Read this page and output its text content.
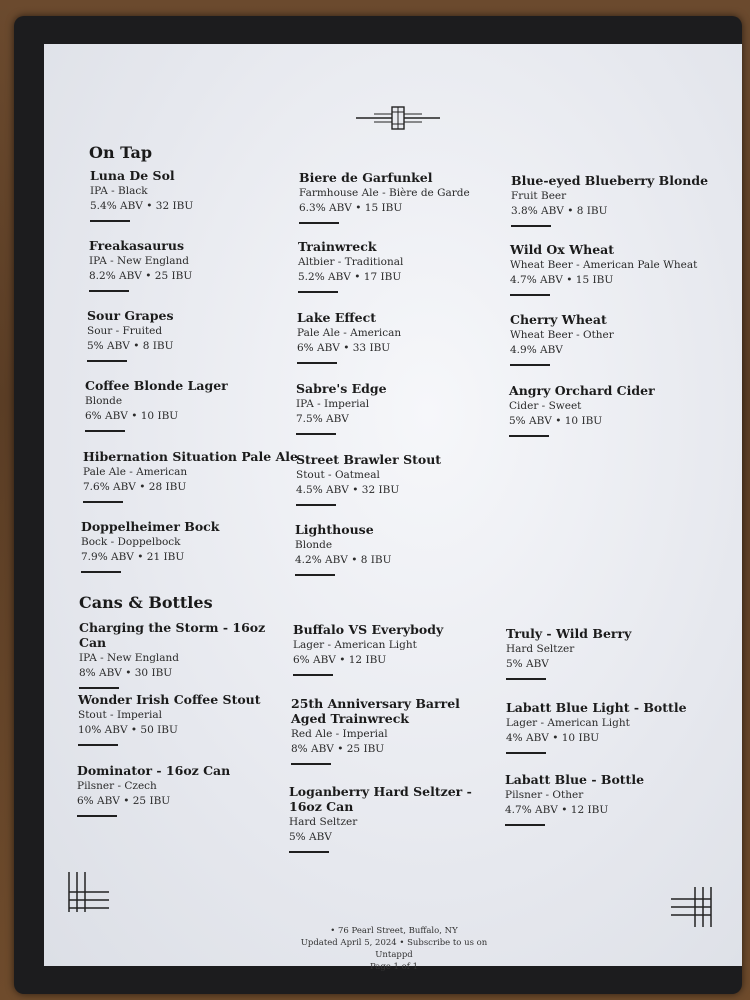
On Tap
Luna De Sol
IPA - Black
5.4% ABV • 32 IBU
Freakasaurus
IPA - New England
8.2% ABV • 25 IBU
Sour Grapes
Sour - Fruited
5% ABV • 8 IBU
Coffee Blonde Lager
Blonde
6% ABV • 10 IBU
Hibernation Situation Pale Ale
Pale Ale - American
7.6% ABV • 28 IBU
Doppelheimer Bock
Bock - Doppelbock
7.9% ABV • 21 IBU
Biere de Garfunkel
Farmhouse Ale - Bière de Garde
6.3% ABV • 15 IBU
Trainwreck
Altbier - Traditional
5.2% ABV • 17 IBU
Lake Effect
Pale Ale - American
6% ABV • 33 IBU
Sabre's Edge
IPA - Imperial
7.5% ABV
Street Brawler Stout
Stout - Oatmeal
4.5% ABV • 32 IBU
Lighthouse
Blonde
4.2% ABV • 8 IBU
Blue-eyed Blueberry Blonde
Fruit Beer
3.8% ABV • 8 IBU
Wild Ox Wheat
Wheat Beer - American Pale Wheat
4.7% ABV • 15 IBU
Cherry Wheat
Wheat Beer - Other
4.9% ABV
Angry Orchard Cider
Cider - Sweet
5% ABV • 10 IBU
Cans & Bottles
Charging the Storm - 16oz Can
IPA - New England
8% ABV • 30 IBU
Wonder Irish Coffee Stout
Stout - Imperial
10% ABV • 50 IBU
Dominator - 16oz Can
Pilsner - Czech
6% ABV • 25 IBU
Buffalo VS Everybody
Lager - American Light
6% ABV • 12 IBU
25th Anniversary Barrel Aged Trainwreck
Red Ale - Imperial
8% ABV • 25 IBU
Loganberry Hard Seltzer - 16oz Can
Hard Seltzer
5% ABV
Truly - Wild Berry
Hard Seltzer
5% ABV
Labatt Blue Light - Bottle
Lager - American Light
4% ABV • 10 IBU
Labatt Blue - Bottle
Pilsner - Other
4.7% ABV • 12 IBU
• 76 Pearl Street, Buffalo, NY
Updated April 5, 2024 • Subscribe to us on Untappd
Page 1 of 1
